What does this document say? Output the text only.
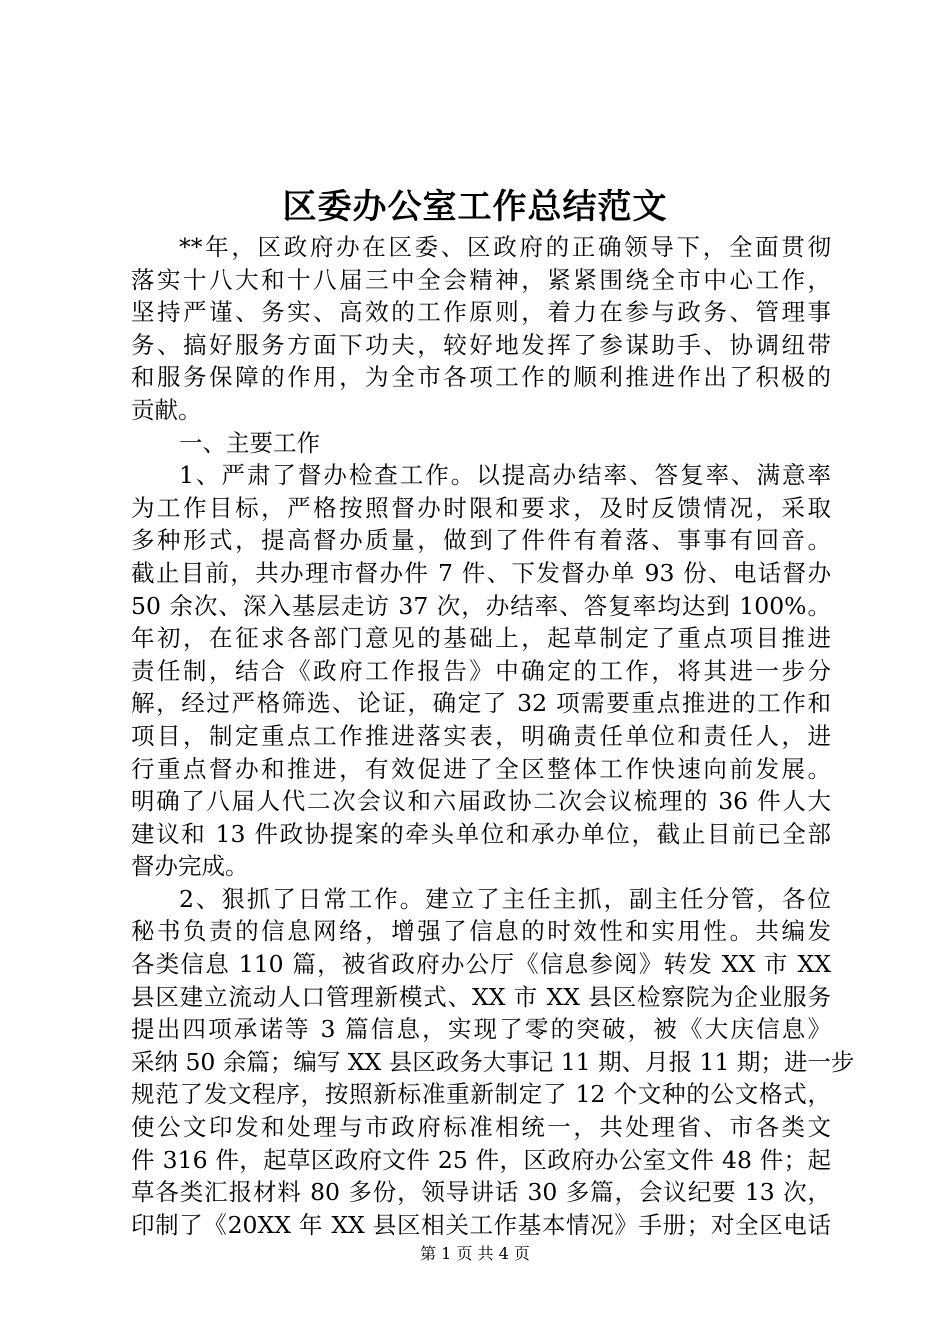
区委办公室工作总结范文
**年，区政府办在区委、区政府的正确领导下，全面贯彻
落实十八大和十八届三中全会精神，紧紧围绕全市中心工作，
坚持严谨、务实、高效的工作原则，着力在参与政务、管理事
务、搞好服务方面下功夫，较好地发挥了参谋助手、协调纽带
和服务保障的作用，为全市各项工作的顺利推进作出了积极的
贡献。
一、主要工作
1、严肃了督办检查工作。以提高办结率、答复率、满意率
为工作目标，严格按照督办时限和要求，及时反馈情况，采取
多种形式，提高督办质量，做到了件件有着落、事事有回音。
截止目前，共办理市督办件 7 件、下发督办单 93 份、电话督办
50 余次、深入基层走访 37 次，办结率、答复率均达到 100%。
年初，在征求各部门意见的基础上，起草制定了重点项目推进
责任制，结合《政府工作报告》中确定的工作，将其进一步分
解，经过严格筛选、论证，确定了 32 项需要重点推进的工作和
项目，制定重点工作推进落实表，明确责任单位和责任人，进
行重点督办和推进，有效促进了全区整体工作快速向前发展。
明确了八届人代二次会议和六届政协二次会议梳理的 36 件人大
建议和 13 件政协提案的牵头单位和承办单位，截止目前已全部
督办完成。
2、狠抓了日常工作。建立了主任主抓，副主任分管，各位
秘书负责的信息网络，增强了信息的时效性和实用性。共编发
各类信息 110 篇，被省政府办公厅《信息参阅》转发 XX 市 XX
县区建立流动人口管理新模式、XX 市 XX 县区检察院为企业服务
提出四项承诺等 3 篇信息，实现了零的突破，被《大庆信息》
采纳 50 余篇；编写 XX 县区政务大事记 11 期、月报 11 期；进一步
规范了发文程序，按照新标准重新制定了 12 个文种的公文格式，
使公文印发和处理与市政府标准相统一，共处理省、市各类文
件 316 件，起草区政府文件 25 件，区政府办公室文件 48 件；起
草各类汇报材料 80 多份，领导讲话 30 多篇，会议纪要 13 次，
印制了《20XX 年 XX 县区相关工作基本情况》手册；对全区电话
第 1 页 共 4 页
